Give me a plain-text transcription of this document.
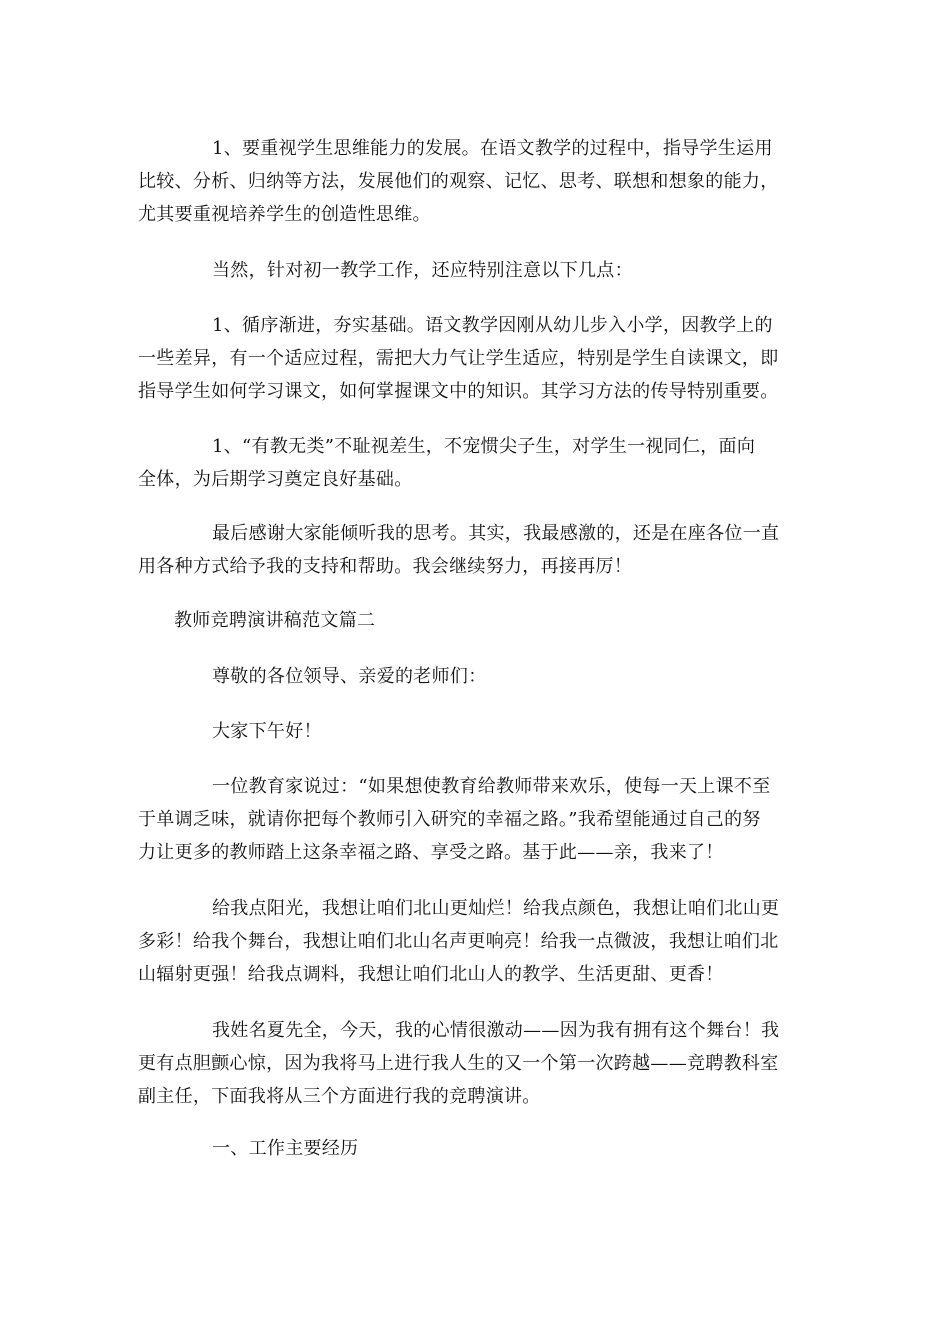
1、要重视学生思维能力的发展。在语文教学的过程中，指导学生运用
比较、分析、归纳等方法，发展他们的观察、记忆、思考、联想和想象的能力，
尤其要重视培养学生的创造性思维。
当然，针对初一教学工作，还应特别注意以下几点：
1、循序渐进，夯实基础。语文教学因刚从幼儿步入小学，因教学上的
一些差异，有一个适应过程，需把大力气让学生适应，特别是学生自读课文，即
指导学生如何学习课文，如何掌握课文中的知识。其学习方法的传导特别重要。
1、“有教无类”不耻视差生，不宠惯尖子生，对学生一视同仁，面向
全体，为后期学习奠定良好基础。
最后感谢大家能倾听我的思考。其实，我最感激的，还是在座各位一直
用各种方式给予我的支持和帮助。我会继续努力，再接再厉！
教师竞聘演讲稿范文篇二
尊敬的各位领导、亲爱的老师们：
大家下午好！
一位教育家说过：“如果想使教育给教师带来欢乐，使每一天上课不至
于单调乏味，就请你把每个教师引入研究的幸福之路。”我希望能通过自己的努
力让更多的教师踏上这条幸福之路、享受之路。基于此——亲，我来了！
给我点阳光，我想让咱们北山更灿烂！给我点颜色，我想让咱们北山更
多彩！给我个舞台，我想让咱们北山名声更响亮！给我一点微波，我想让咱们北
山辐射更强！给我点调料，我想让咱们北山人的教学、生活更甜、更香！
我姓名夏先全，今天，我的心情很激动——因为我有拥有这个舞台！我
更有点胆颤心惊，因为我将马上进行我人生的又一个第一次跨越——竞聘教科室
副主任，下面我将从三个方面进行我的竞聘演讲。
一、工作主要经历
